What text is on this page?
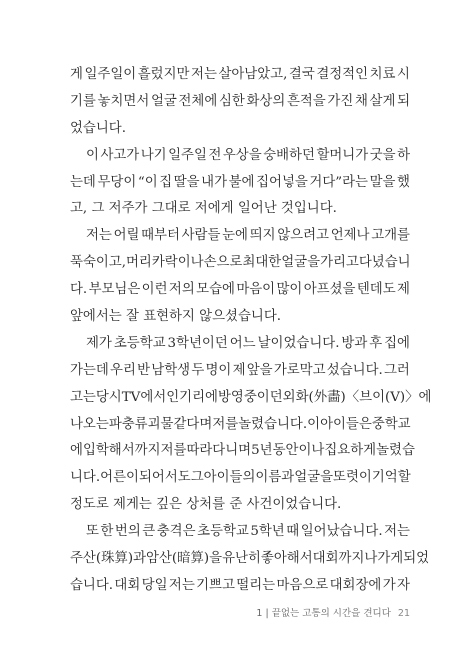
게 일주일이 흘렀지만 저는 살아남았고, 결국 결정적인 치료 시
기를 놓치면서 얼굴 전체에 심한 화상의 흔적을 가진 채 살게 되
었습니다.
이 사고가 나기 일주일 전 우상을 숭배하던 할머니가 굿을 하
는데 무당이 “이 집 딸을 내가 불에 집어넣을 거다”라는 말을 했
고, 그 저주가 그대로 저에게 일어난 것입니다.
저는 어릴 때부터 사람들 눈에 띄지 않으려고 언제나 고개를
푹 숙이고, 머리카락이나 손으로 최대한 얼굴을 가리고 다녔습니
다. 부모님은 이런 저의 모습에 마음이 많이 아프셨을 텐데도 제
앞에서는 잘 표현하지 않으셨습니다.
제가 초등학교 3학년이던 어느 날이었습니다. 방과 후 집에
가는데 우리 반 남학생 두 명이 제 앞을 가로막고 섰습니다. 그러
고는 당시 TV에서 인기리에 방영 중이던 외화(外畵) 〈브이(V)〉에
나오는 파충류 괴물 같다며 저를 놀렸습니다. 이 아이들은 중학교
에 입학해서까지 저를 따라다니며 5년 동안이나 집요하게 놀렸습
니다. 어른이 되어서도 그 아이들의 이름과 얼굴을 또렷이 기억할
정도로 제게는 깊은 상처를 준 사건이었습니다.
또 한 번의 큰 충격은 초등학교 5학년 때 일어났습니다. 저는
주산(珠算)과 암산(暗算)을 유난히 좋아해서 대회까지 나가게 되었
습니다. 대회 당일 저는 기쁘고 떨리는 마음으로 대회장에 가 자
1 | 끝없는 고통의 시간을 견디다 21
